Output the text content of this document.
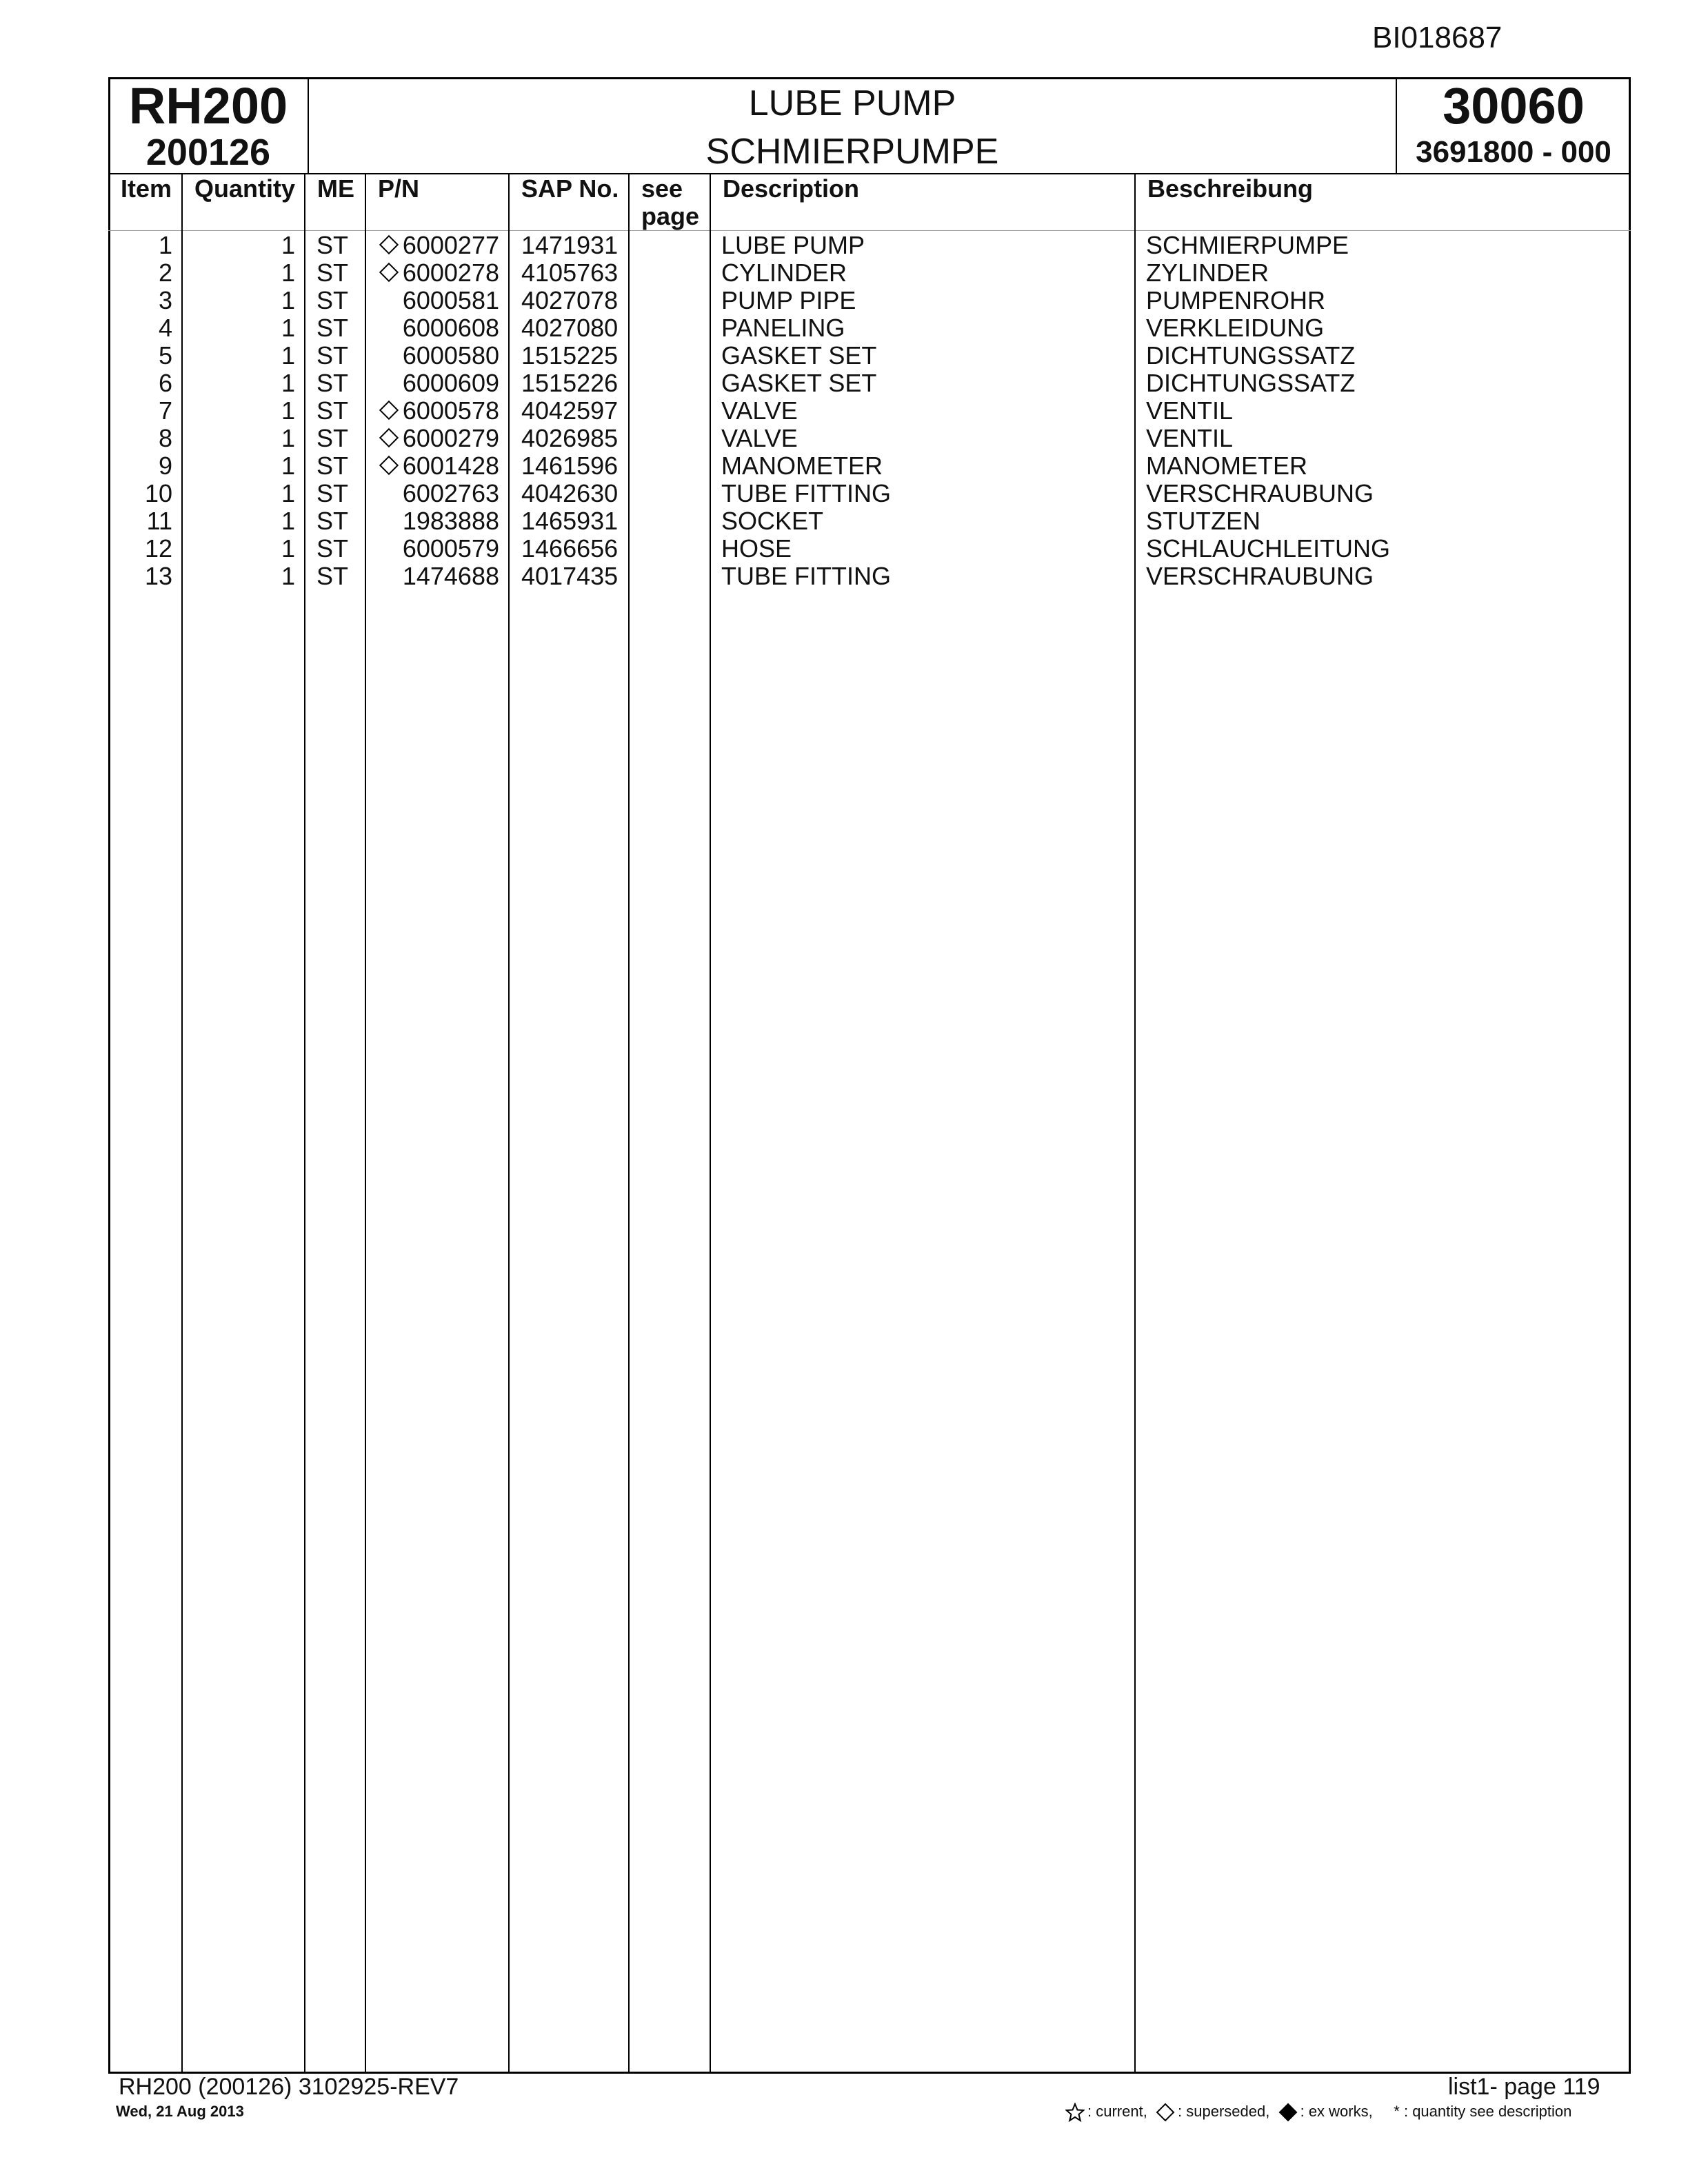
BI018687
RH200
200126
LUBE PUMP
SCHMIERPUMPE
30060
3691800 - 000
Item Quantity ME P/N	SAP No. see
page
Description	Beschreibung
1	1 ST	6000277 1471931	LUBE PUMP	SCHMIERPUMPE
2	1 ST	6000278 4105763	CYLINDER	ZYLINDER
3	1 ST	6000581 4027078	PUMP PIPE	PUMPENROHR
4	1 ST	6000608 4027080	PANELING	VERKLEIDUNG
5	1 ST	6000580 1515225	GASKET SET	DICHTUNGSSATZ
6	1 ST	6000609 1515226	GASKET SET	DICHTUNGSSATZ
7	1 ST	6000578 4042597	VALVE	VENTIL
8	1 ST	6000279 4026985	VALVE	VENTIL
9	1 ST	6001428 1461596	MANOMETER	MANOMETER
10	1 ST	6002763 4042630	TUBE FITTING	VERSCHRAUBUNG
11	1 ST	1983888 1465931	SOCKET	STUTZEN
12	1 ST	6000579 1466656	HOSE	SCHLAUCHLEITUNG
13	1 ST	1474688 4017435	TUBE FITTING	VERSCHRAUBUNG
RH200 (200126) 3102925-REV7
Wed, 21 Aug 2013
list1- page 119
: current, : superseded, : ex works, * : quantity see description
